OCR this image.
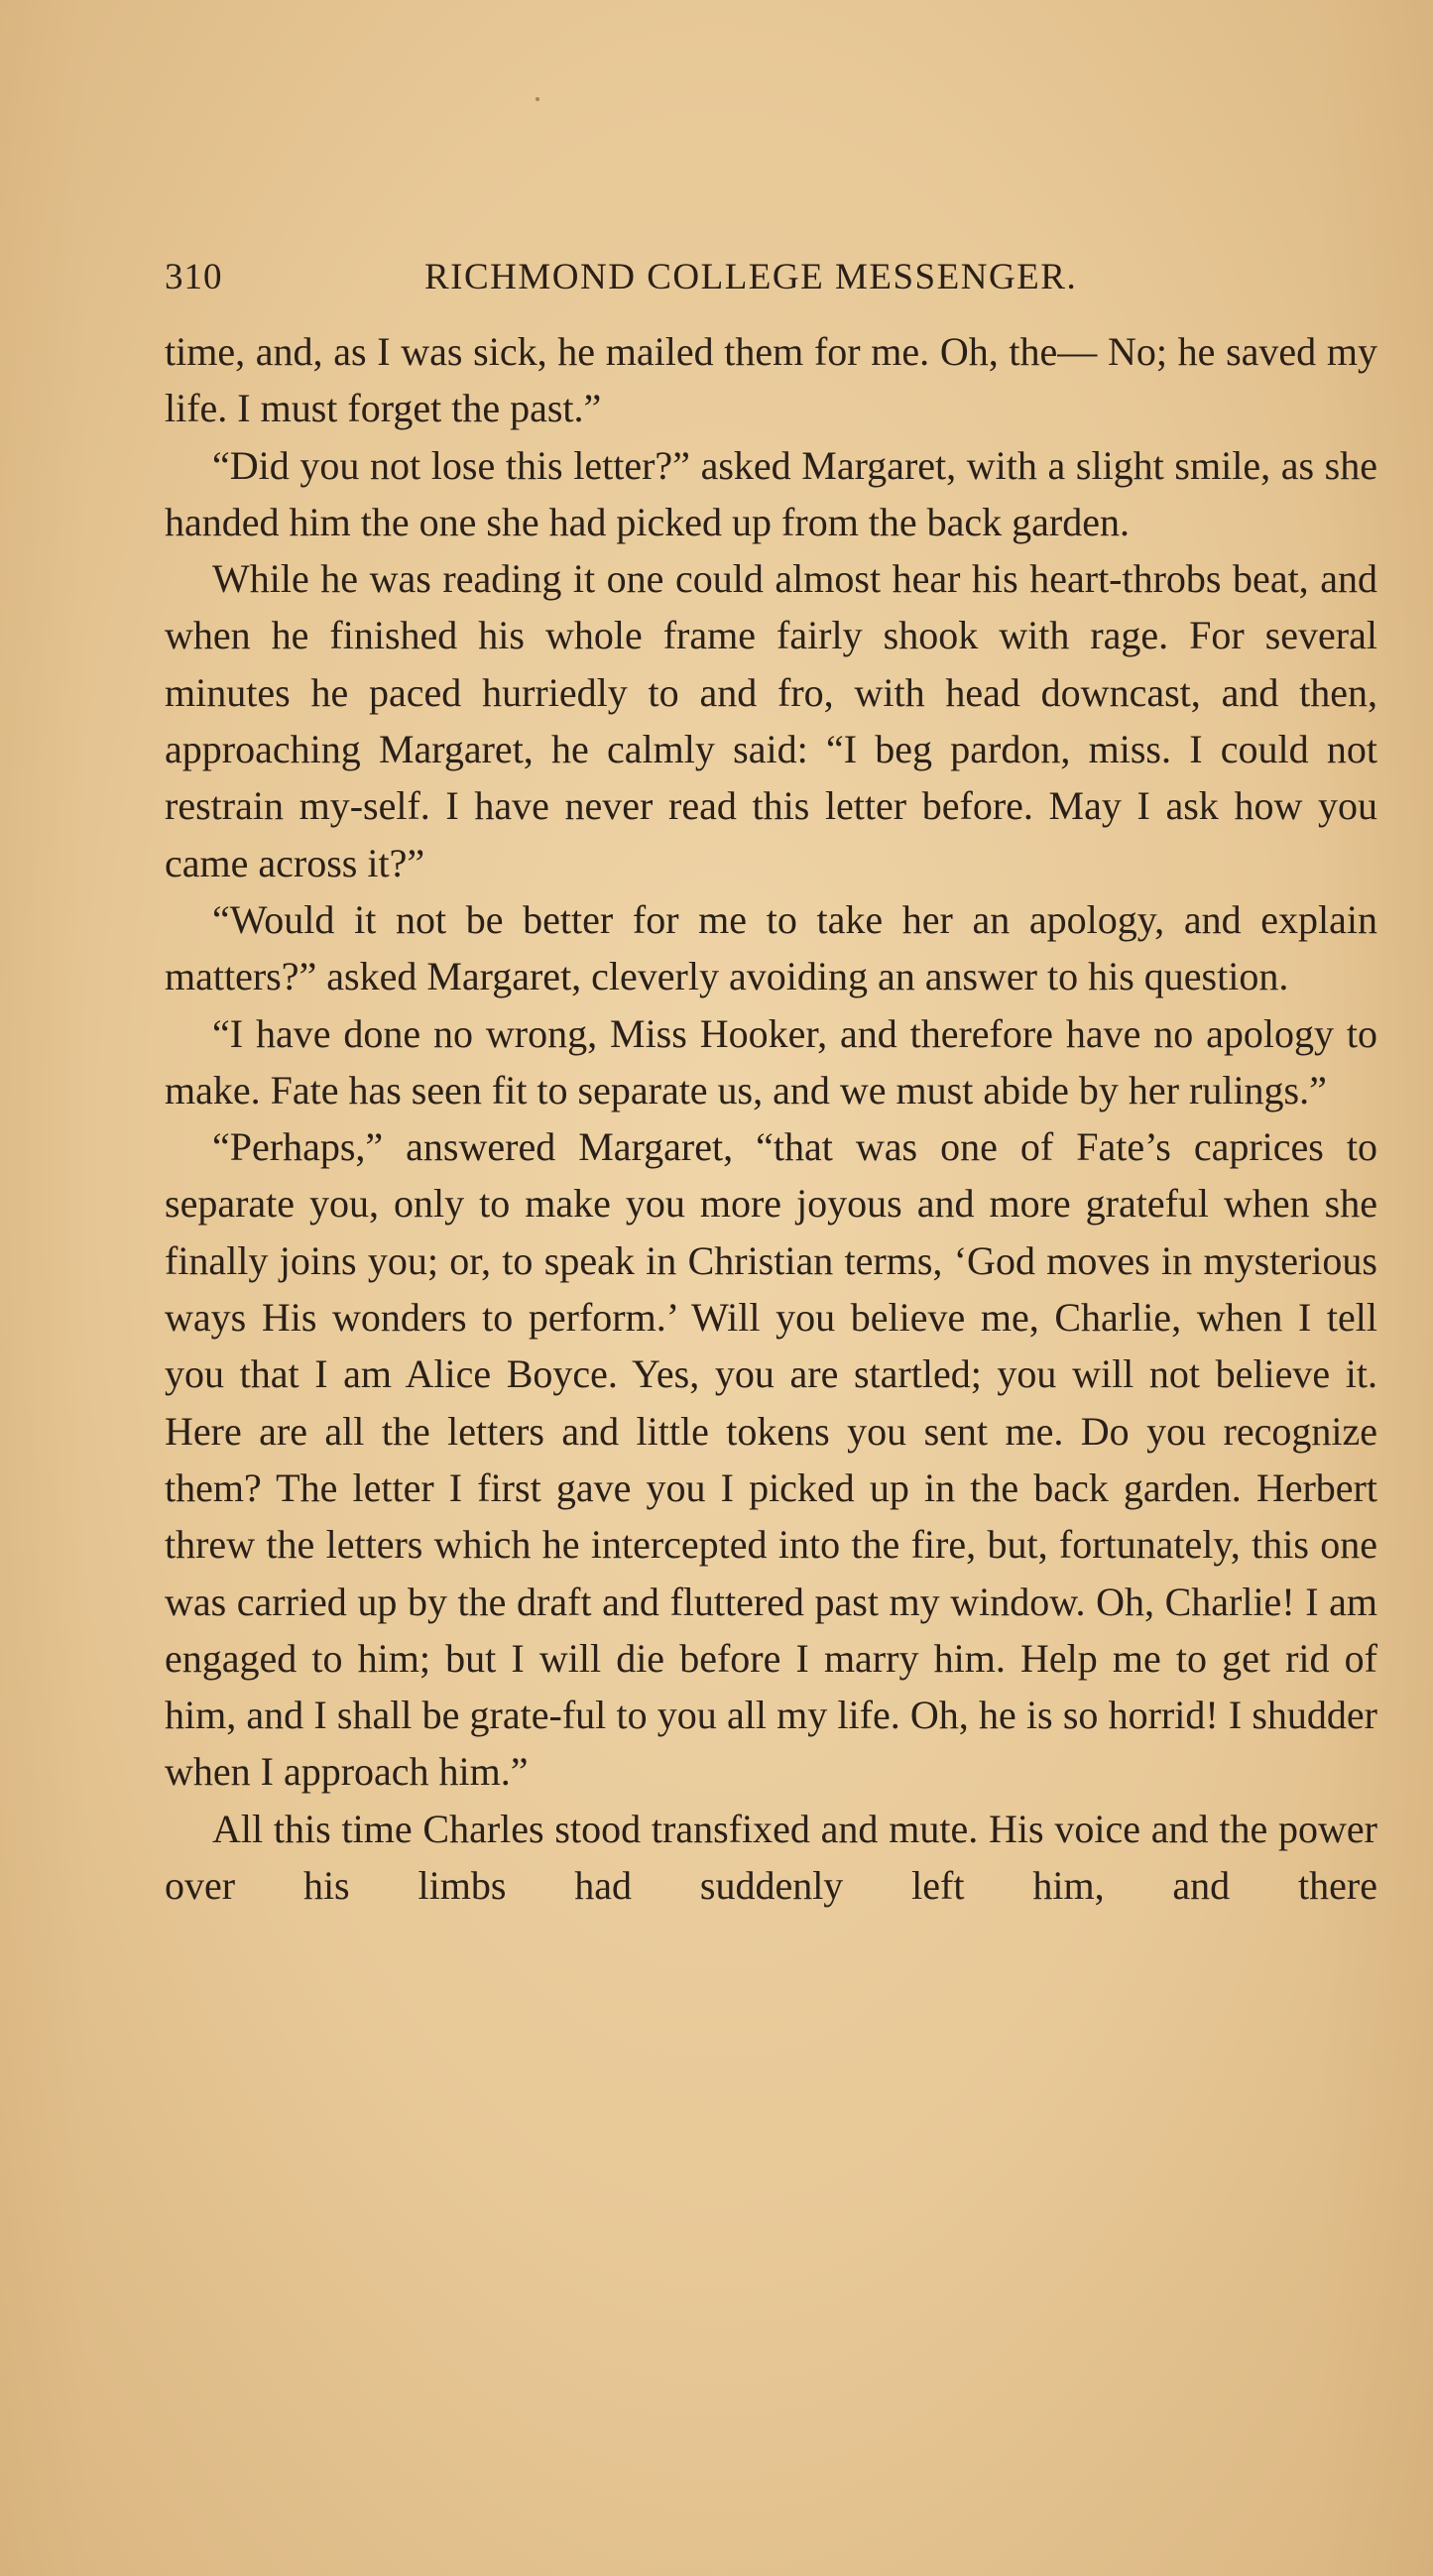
310	RICHMOND COLLEGE MESSENGER.

time, and, as I was sick, he mailed them for me. Oh, the— No; he saved my life. I must forget the past.”

“Did you not lose this letter?” asked Margaret, with a slight smile, as she handed him the one she had picked up from the back garden.

While he was reading it one could almost hear his heart-throbs beat, and when he finished his whole frame fairly shook with rage. For several minutes he paced hurriedly to and fro, with head downcast, and then, approaching Margaret, he calmly said: “I beg pardon, miss. I could not restrain my-self. I have never read this letter before. May I ask how you came across it?”

“Would it not be better for me to take her an apology, and explain matters?” asked Margaret, cleverly avoiding an answer to his question.

“I have done no wrong, Miss Hooker, and therefore have no apology to make. Fate has seen fit to separate us, and we must abide by her rulings.”

“Perhaps,” answered Margaret, “that was one of Fate’s caprices to separate you, only to make you more joyous and more grateful when she finally joins you; or, to speak in Christian terms, ‘God moves in mysterious ways His wonders to perform.’ Will you believe me, Charlie, when I tell you that I am Alice Boyce. Yes, you are startled; you will not believe it. Here are all the letters and little tokens you sent me. Do you recognize them? The letter I first gave you I picked up in the back garden. Herbert threw the letters which he intercepted into the fire, but, fortunately, this one was carried up by the draft and fluttered past my window. Oh, Charlie! I am engaged to him; but I will die before I marry him. Help me to get rid of him, and I shall be grate-ful to you all my life. Oh, he is so horrid! I shudder when I approach him.”

All this time Charles stood transfixed and mute. His voice and the power over his limbs had suddenly left him, and there
